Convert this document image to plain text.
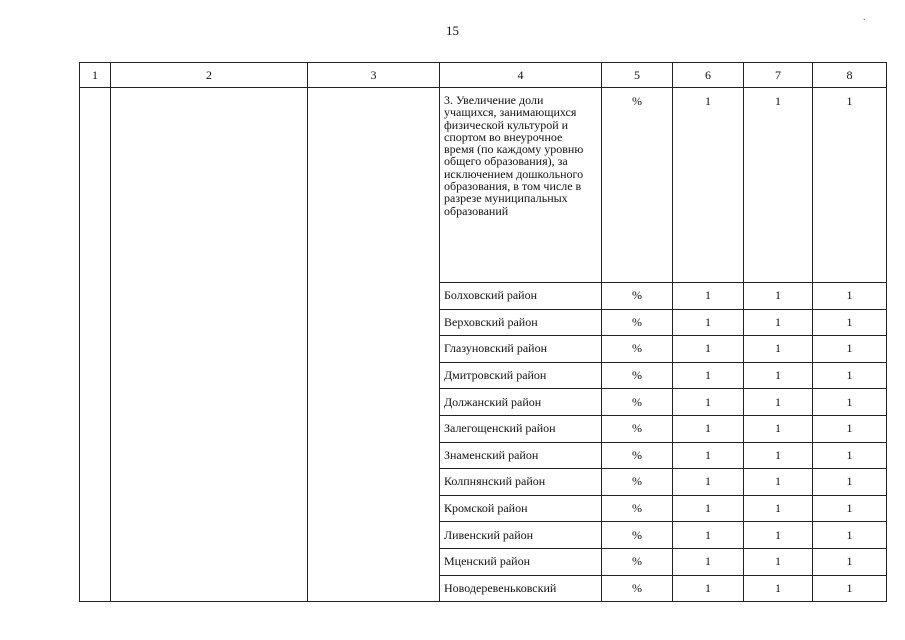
15
.
1	2	3	4	5	6	7	8
			3. Увеличение доли учащихся, занимающихся физической культурой и спортом во внеурочное время (по каждому уровню общего образования), за исключением дошкольного образования, в том числе в разрезе муниципальных образований	%	1	1	1
			Болховский район	%	1	1	1
			Верховский район	%	1	1	1
			Глазуновский район	%	1	1	1
			Дмитровский район	%	1	1	1
			Должанский район	%	1	1	1
			Залегощенский район	%	1	1	1
			Знаменский район	%	1	1	1
			Колпнянский район	%	1	1	1
			Кромской район	%	1	1	1
			Ливенский район	%	1	1	1
			Мценский район	%	1	1	1
			Новодеревеньковский	%	1	1	1
